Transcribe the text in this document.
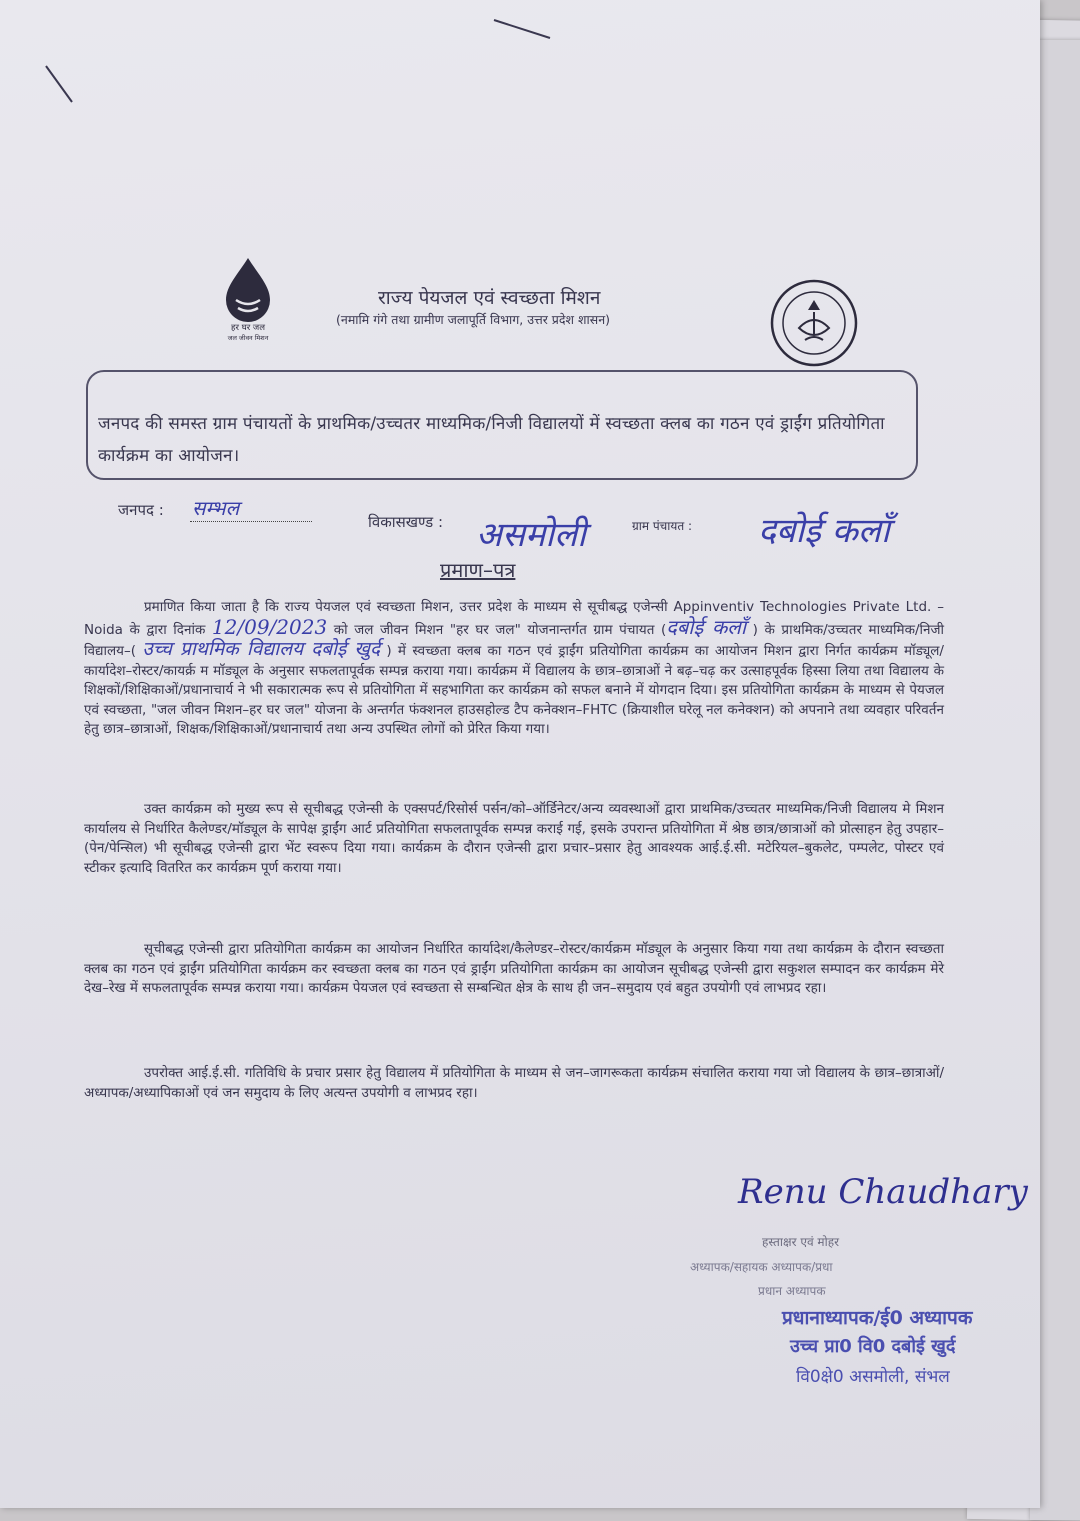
हर घर जल
जल जीवन मिशन
राज्य पेयजल एवं स्वच्छता मिशन
(नमामि गंगे तथा ग्रामीण जलापूर्ति विभाग, उत्तर प्रदेश शासन)
जनपद की समस्त ग्राम पंचायतों के प्राथमिक/उच्चतर माध्यमिक/निजी विद्यालयों में स्वच्छता क्लब का गठन एवं ड्राईंग प्रतियोगिता कार्यक्रम का आयोजन।
जनपद : सम्भल
विकासखण्ड : असमोली	ग्राम पंचायत : दबोई कलाँ
प्रमाण–पत्र
प्रमाणित किया जाता है कि राज्य पेयजल एवं स्वच्छता मिशन, उत्तर प्रदेश के माध्यम से सूचीबद्ध एजेन्सी Appinventiv Technologies Private Ltd. – Noida के द्वारा दिनांक 12/09/2023 को जल जीवन मिशन "हर घर जल" योजनान्तर्गत ग्राम पंचायत (दबोई कलाँ ) के प्राथमिक/उच्चतर माध्यमिक/निजी विद्यालय–( उच्च प्राथमिक विद्यालय दबोई खुर्द ) में स्वच्छता क्लब का गठन एवं ड्राईंग प्रतियोगिता कार्यक्रम का आयोजन मिशन द्वारा निर्गत कार्यक्रम मॉड्यूल/कार्यादेश–रोस्टर/कायर्क्र म मॉड्यूल के अनुसार सफलतापूर्वक सम्पन्न कराया गया। कार्यक्रम में विद्यालय के छात्र–छात्राओं ने बढ़–चढ़ कर उत्साहपूर्वक हिस्सा लिया तथा विद्यालय के शिक्षकों/शिक्षिकाओं/प्रधानाचार्य ने भी सकारात्मक रूप से प्रतियोगिता में सहभागिता कर कार्यक्रम को सफल बनाने में योगदान दिया। इस प्रतियोगिता कार्यक्रम के माध्यम से पेयजल एवं स्वच्छता, "जल जीवन मिशन–हर घर जल" योजना के अन्तर्गत फंक्शनल हाउसहोल्ड टैप कनेक्शन–FHTC (क्रियाशील घरेलू नल कनेक्शन) को अपनाने तथा व्यवहार परिवर्तन हेतु छात्र–छात्राओं, शिक्षक/शिक्षिकाओं/प्रधानाचार्य तथा अन्य उपस्थित लोगों को प्रेरित किया गया।
उक्त कार्यक्रम को मुख्य रूप से सूचीबद्ध एजेन्सी के एक्सपर्ट/रिसोर्स पर्सन/को–ऑर्डिनेटर/अन्य व्यवस्थाओं द्वारा प्राथमिक/उच्चतर माध्यमिक/निजी विद्यालय मे मिशन कार्यालय से निर्धारित कैलेण्डर/मॉड्यूल के सापेक्ष ड्राईंग आर्ट प्रतियोगिता सफलतापूर्वक सम्पन्न कराई गई, इसके उपरान्त प्रतियोगिता में श्रेष्ठ छात्र/छात्राओं को प्रोत्साहन हेतु उपहार–(पेन/पेन्सिल) भी सूचीबद्ध एजेन्सी द्वारा भेंट स्वरूप दिया गया। कार्यक्रम के दौरान एजेन्सी द्वारा प्रचार–प्रसार हेतु आवश्यक आई.ई.सी. मटेरियल–बुकलेट, पम्पलेट, पोस्टर एवं स्टीकर इत्यादि वितरित कर कार्यक्रम पूर्ण कराया गया।
सूचीबद्ध एजेन्सी द्वारा प्रतियोगिता कार्यक्रम का आयोजन निर्धारित कार्यादेश/कैलेण्डर–रोस्टर/कार्यक्रम मॉड्यूल के अनुसार किया गया तथा कार्यक्रम के दौरान स्वच्छता क्लब का गठन एवं ड्राईंग प्रतियोगिता कार्यक्रम कर स्वच्छता क्लब का गठन एवं ड्राईंग प्रतियोगिता कार्यक्रम का आयोजन सूचीबद्ध एजेन्सी द्वारा सकुशल सम्पादन कर कार्यक्रम मेरे देख–रेख में सफलतापूर्वक सम्पन्न कराया गया। कार्यक्रम पेयजल एवं स्वच्छता से सम्बन्धित क्षेत्र के साथ ही जन–समुदाय एवं बहुत उपयोगी एवं लाभप्रद रहा।
उपरोक्त आई.ई.सी. गतिविधि के प्रचार प्रसार हेतु विद्यालय में प्रतियोगिता के माध्यम से जन–जागरूकता कार्यक्रम संचालित कराया गया जो विद्यालय के छात्र–छात्राओं/अध्यापक/अध्यापिकाओं एवं जन समुदाय के लिए अत्यन्त उपयोगी व लाभप्रद रहा।
Renu Chaudhary
हस्ताक्षर एवं मोहर
अध्यापक/सहायक अध्यापक/प्रधा
प्रधान अध्यापक
प्रधानाध्यापक/ई0 अध्यापक
उच्च प्रा0 वि0 दबोई खुर्द
वि0क्षे0 असमोली, संभल
